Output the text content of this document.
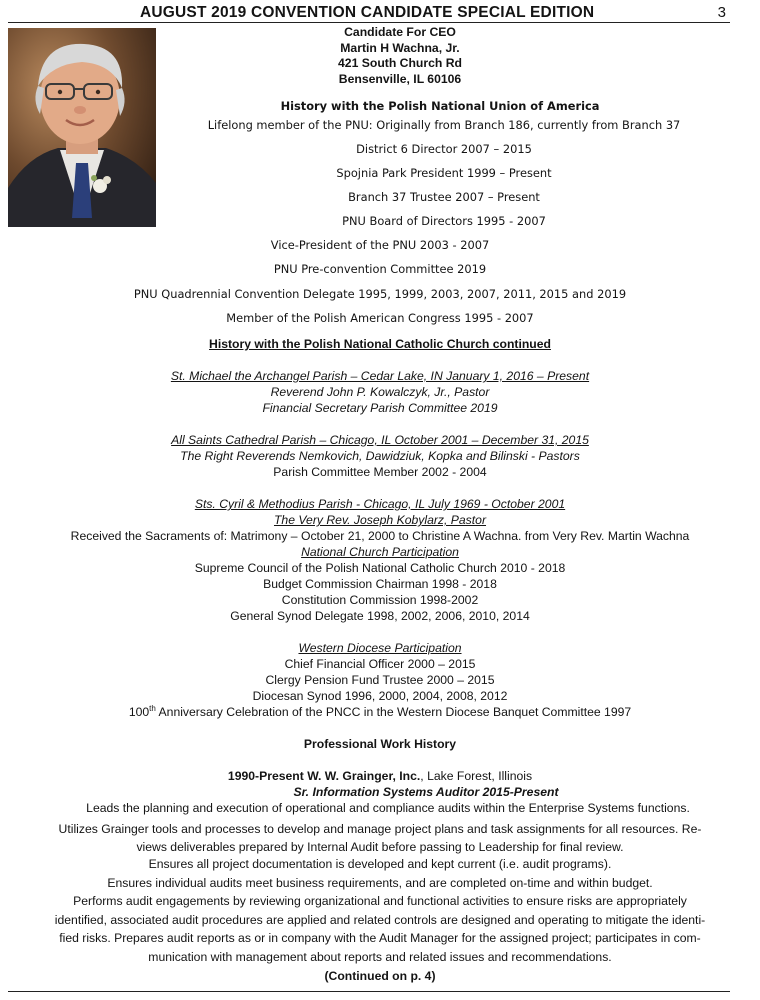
AUGUST 2019 CONVENTION CANDIDATE SPECIAL EDITION	3
Candidate For CEO
Martin H Wachna, Jr.
421 South Church Rd
Bensenville, IL 60106
History with the Polish National Union of America
Lifelong member of the PNU: Originally from Branch 186, currently from Branch 37
District 6 Director 2007 – 2015
Spojnia Park President 1999 – Present
Branch 37 Trustee 2007 – Present
PNU Board of Directors 1995 - 2007
Vice-President of the PNU 2003 - 2007
PNU Pre-convention Committee 2019
PNU Quadrennial Convention Delegate 1995, 1999, 2003, 2007, 2011, 2015 and 2019
Member of the Polish American Congress 1995 - 2007
History with the Polish National Catholic Church continued
St. Michael the Archangel Parish – Cedar Lake, IN January 1, 2016 – Present
Reverend John P. Kowalczyk, Jr., Pastor
Financial Secretary Parish Committee 2019
All Saints Cathedral Parish – Chicago, IL October 2001 – December 31, 2015
The Right Reverends Nemkovich, Dawidziuk, Kopka and Bilinski - Pastors
Parish Committee Member 2002 - 2004
Sts. Cyril & Methodius Parish - Chicago, IL July 1969 - October 2001
The Very Rev. Joseph Kobylarz, Pastor
Received the Sacraments of: Matrimony – October 21, 2000 to Christine A Wachna. from Very Rev. Martin Wachna
National Church Participation
Supreme Council of the Polish National Catholic Church 2010 - 2018
Budget Commission Chairman 1998 - 2018
Constitution Commission 1998-2002
General Synod Delegate 1998, 2002, 2006, 2010, 2014
Western Diocese Participation
Chief Financial Officer 2000 – 2015
Clergy Pension Fund Trustee 2000 – 2015
Diocesan Synod 1996, 2000, 2004, 2008, 2012
100th Anniversary Celebration of the PNCC in the Western Diocese Banquet Committee 1997
Professional Work History
1990-Present W. W. Grainger, Inc., Lake Forest, Illinois
Sr. Information Systems Auditor 2015-Present
Leads the planning and execution of operational and compliance audits within the Enterprise Systems functions.
Utilizes Grainger tools and processes to develop and manage project plans and task assignments for all resources. Re-
views deliverables prepared by Internal Audit before passing to Leadership for final review.
Ensures all project documentation is developed and kept current (i.e. audit programs).
Ensures individual audits meet business requirements, and are completed on-time and within budget.
Performs audit engagements by reviewing organizational and functional activities to ensure risks are appropriately
identified, associated audit procedures are applied and related controls are designed and operating to mitigate the identi-
fied risks. Prepares audit reports as or in company with the Audit Manager for the assigned project; participates in com-
munication with management about reports and related issues and recommendations.
(Continued on p. 4)
